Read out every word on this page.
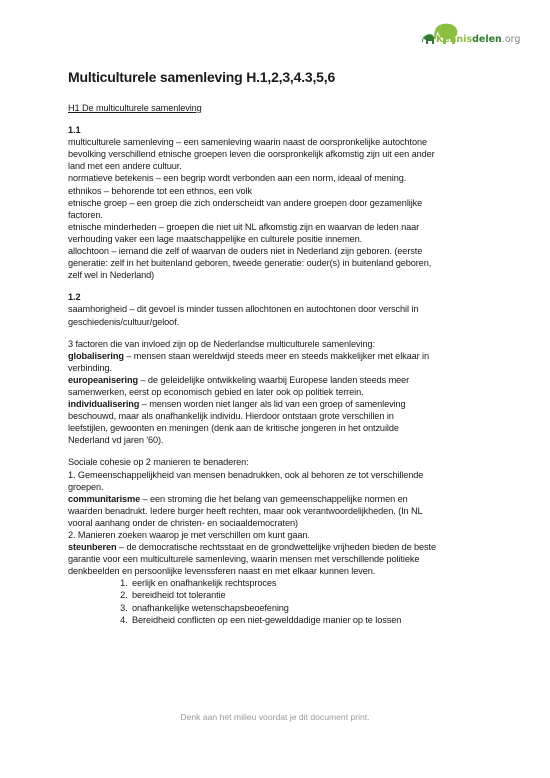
Kennisdelen.org
Multiculturele samenleving H.1,2,3,4.3,5,6
H1 De multiculturele samenleving
1.1
multiculturele samenleving – een samenleving waarin naast de oorspronkelijke autochtone
bevolking verschillend etnische groepen leven die oorspronkelijk afkomstig zijn uit een ander
land met een andere cultuur.
normatieve betekenis – een begrip wordt verbonden aan een norm, ideaal of mening.
ethnikos – behorende tot een ethnos, een volk
etnische groep – een groep die zich onderscheidt van andere groepen door gezamenlijke
factoren.
etnische minderheden – groepen die niet uit NL afkomstig zijn en waarvan de leden naar
verhouding vaker een lage maatschappelijke en culturele positie innemen.
allochtoon – iemand die zelf of waarvan de ouders niet in Nederland zijn geboren. (eerste
generatie: zelf in het buitenland geboren, tweede generatie: ouder(s) in buitenland geboren,
zelf wel in Nederland)
1.2
saamhorigheid – dit gevoel is minder tussen allochtonen en autochtonen door verschil in
geschiedenis/cultuur/geloof.
3 factoren die van invloed zijn op de Nederlandse multiculturele samenleving:
globalisering – mensen staan wereldwijd steeds meer en steeds makkelijker met elkaar in
verbinding.
europeanisering – de geleidelijke ontwikkeling waarbij Europese landen steeds meer
samenwerken, eerst op economisch gebied en later ook op politiek terrein.
individualisering – mensen worden niet langer als lid van een groep of samenleving
beschouwd, maar als onafhankelijk individu. Hierdoor ontstaan grote verschillen in
leefstijlen, gewoonten en meningen (denk aan de kritische jongeren in het ontzuilde
Nederland vd jaren '60).
Sociale cohesie op 2 manieren te benaderen:
1. Gemeenschappelijkheid van mensen benadrukken, ook al behoren ze tot verschillende
groepen.
communitarisme – een stroming die het belang van gemeenschappelijke normen en
waarden benadrukt. Iedere burger heeft rechten, maar ook verantwoordelijkheden. (In NL
vooral aanhang onder de christen- en sociaaldemocraten)
2. Manieren zoeken waarop je met verschillen om kunt gaan.
steunberen – de democratische rechtsstaat en de grondwettelijke vrijheden bieden de beste
garantie voor een multiculturele samenleving, waarin mensen met verschillende politieke
denkbeelden en persoonlijke levenssferen naast en met elkaar kunnen leven.
1. eerlijk en onafhankelijk rechtsproces
2. bereidheid tot tolerantie
3. onafhankelijke wetenschapsbeoefening
4. Bereidheid conflicten op een niet-gewelddadige manier op te lossen
Denk aan het milieu voordat je dit document print.
